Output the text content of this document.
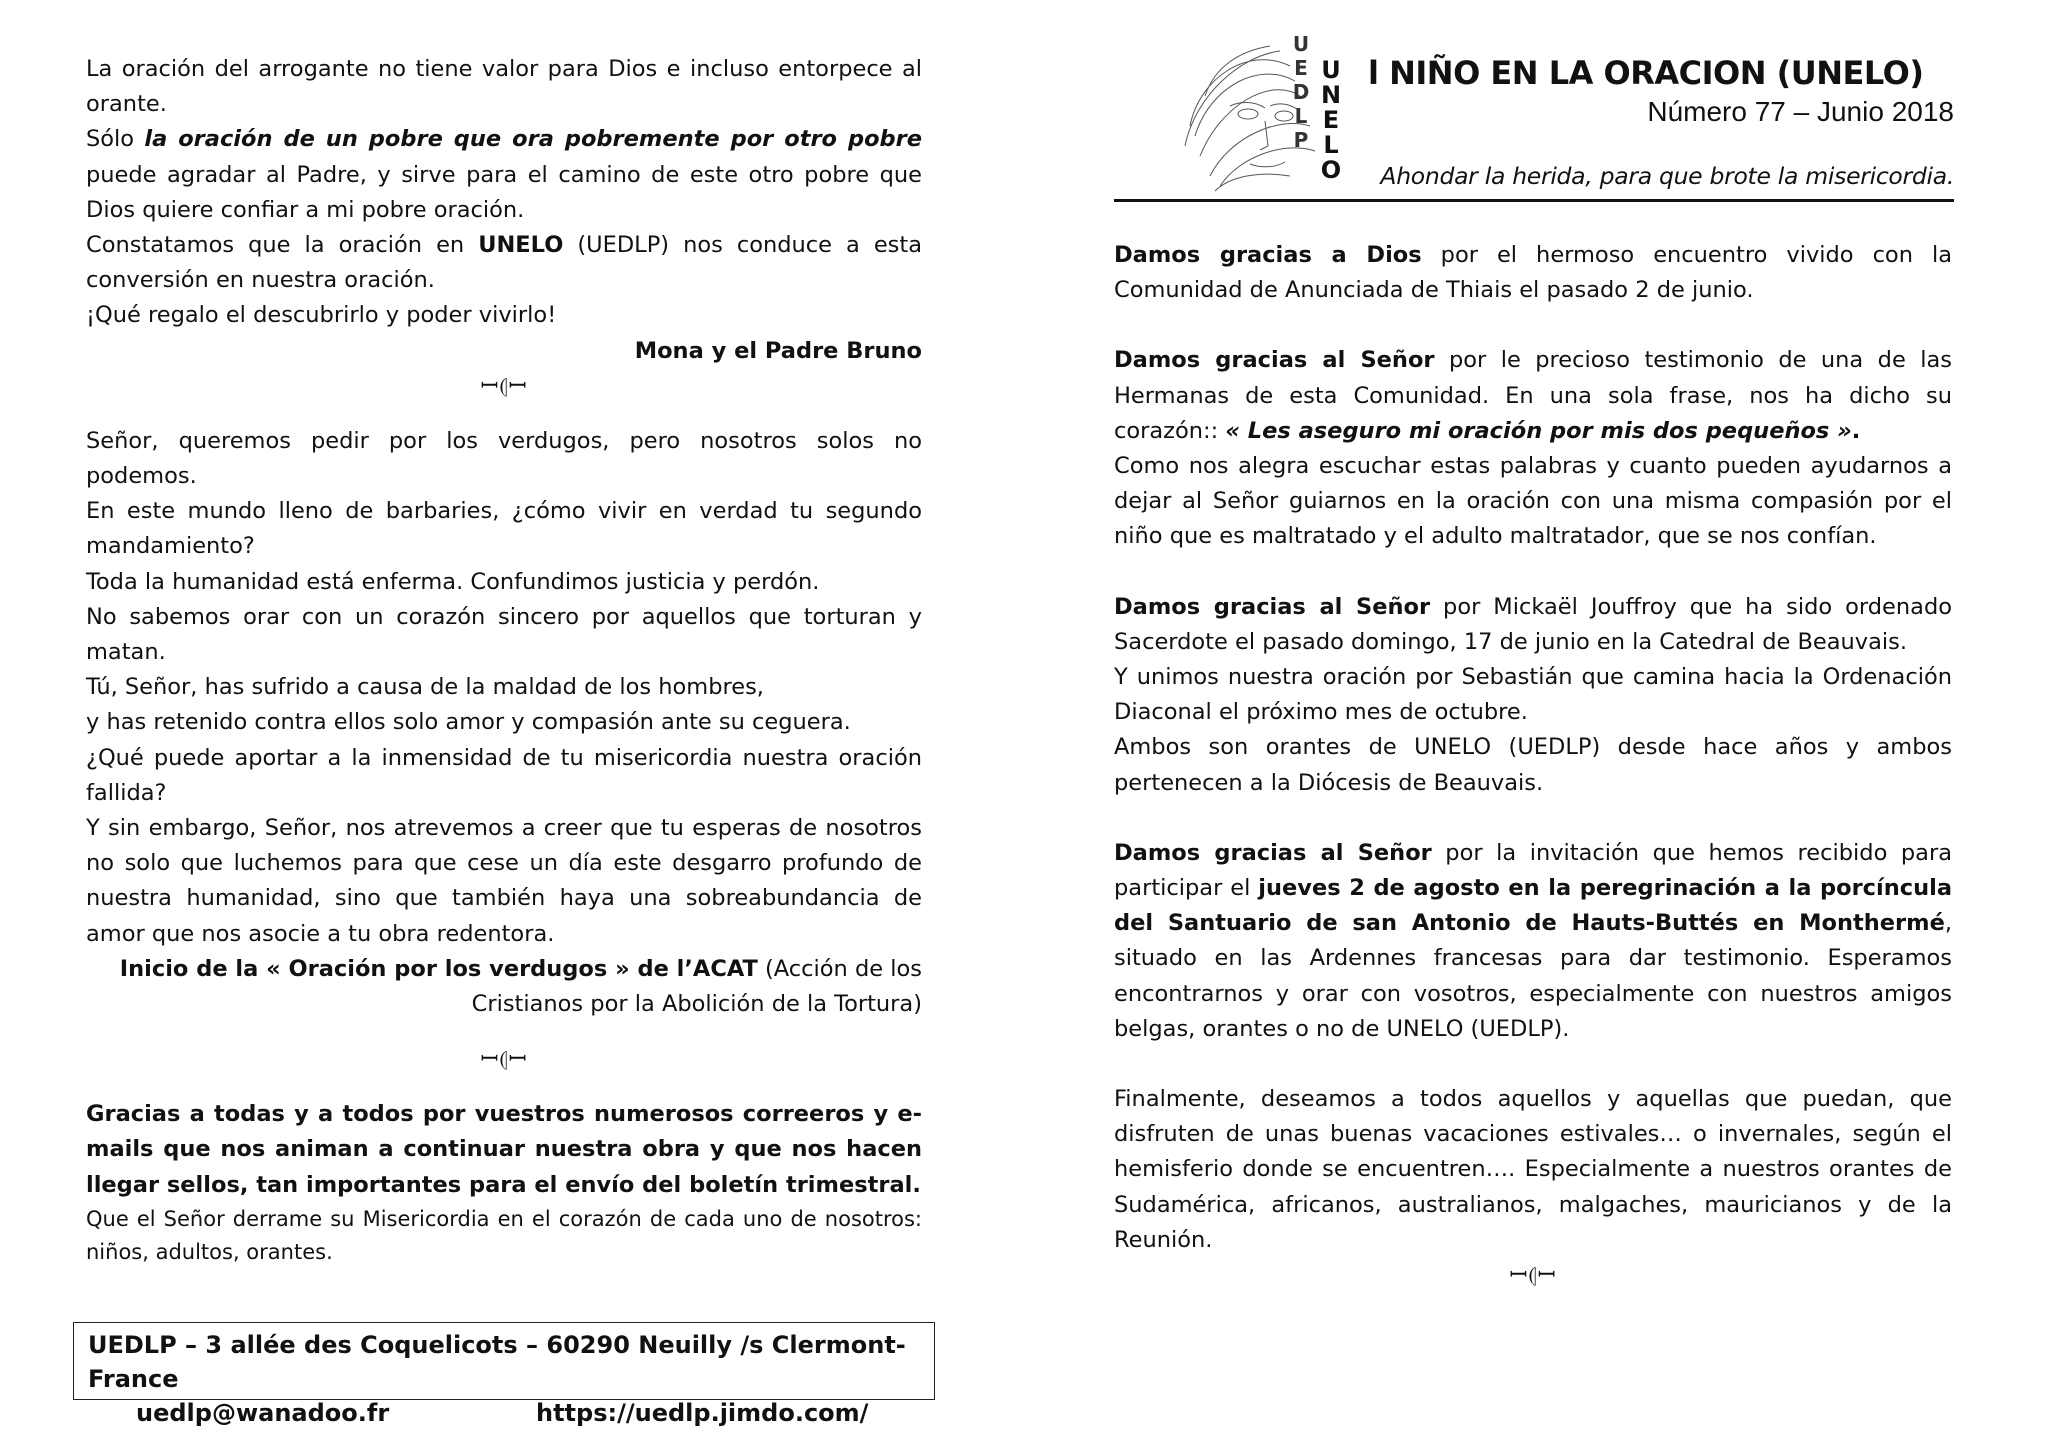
U
E
D
L
P
U
N
E
L
O
l NIÑO EN LA ORACION (UNELO)
Número 77 – Junio 2018
Ahondar la herida, para que brote la misericordia.

La oración del arrogante no tiene valor para Dios e incluso entorpece al orante.

Sólo la oración de un pobre que ora pobremente por otro pobre puede agradar al Padre, y sirve para el camino de este otro pobre que Dios quiere confiar a mi pobre oración.

Constatamos que la oración en UNELO (UEDLP) nos conduce a esta conversión en nuestra oración.

¡Qué regalo el descubrirlo y poder vivirlo!

Mona y el Padre Bruno

ꟷ⦇ꟷ

Señor, queremos pedir por los verdugos, pero nosotros solos no podemos.

En este mundo lleno de barbaries, ¿cómo vivir en verdad tu segundo mandamiento?

Toda la humanidad está enferma. Confundimos justicia y perdón.

No sabemos orar con un corazón sincero por aquellos que torturan y matan.

Tú, Señor, has sufrido a causa de la maldad de los hombres,

y has retenido contra ellos solo amor y compasión ante su ceguera.

¿Qué puede aportar a la inmensidad de tu misericordia nuestra oración fallida?

Y sin embargo, Señor, nos atrevemos a creer que tu esperas de nosotros no solo que luchemos para que cese un día este desgarro profundo de nuestra humanidad, sino que también haya una sobreabundancia de amor que nos asocie a tu obra redentora.

Inicio de la « Oración por los verdugos » de l’ACAT (Acción de los

Cristianos por la Abolición de la Tortura)

ꟷ⦇ꟷ

Gracias a todas y a todos por vuestros numerosos correeros y e-mails que nos animan a continuar nuestra obra y que nos hacen llegar sellos, tan importantes para el envío del boletín trimestral.

Que el Señor derrame su Misericordia en el corazón de cada uno de nosotros: niños, adultos, orantes.

UEDLP – 3 allée des Coquelicots – 60290 Neuilly /s Clermont- France
uedlp@wanadoo.fr	https://uedlp.jimdo.com/

Damos gracias a Dios por el hermoso encuentro vivido con la Comunidad de Anunciada de Thiais el pasado 2 de junio.

Damos gracias al Señor por le precioso testimonio de una de las Hermanas de esta Comunidad. En una sola frase, nos ha dicho su corazón:: « Les aseguro mi oración por mis dos pequeños ».

Como nos alegra escuchar estas palabras y cuanto pueden ayudarnos a dejar al Señor guiarnos en la oración con una misma compasión por el niño que es maltratado y el adulto maltratador, que se nos confían.

Damos gracias al Señor por Mickaël Jouffroy que ha sido ordenado Sacerdote el pasado domingo, 17 de junio en la Catedral de Beauvais.

Y unimos nuestra oración por Sebastián que camina hacia la Ordenación Diaconal el próximo mes de octubre.

Ambos son orantes de UNELO (UEDLP) desde hace años y ambos pertenecen a la Diócesis de Beauvais.

Damos gracias al Señor por la invitación que hemos recibido para participar el jueves 2 de agosto en la peregrinación a la porcíncula del Santuario de san Antonio de Hauts-Buttés en Monthermé, situado en las Ardennes francesas para dar testimonio. Esperamos encontrarnos y orar con vosotros, especialmente con nuestros amigos belgas, orantes o no de UNELO (UEDLP).

Finalmente, deseamos a todos aquellos y aquellas que puedan, que disfruten de unas buenas vacaciones estivales… o invernales, según el hemisferio donde se encuentren…. Especialmente a nuestros orantes de Sudamérica, africanos, australianos, malgaches, mauricianos y de la Reunión.

ꟷ⦇ꟷ
